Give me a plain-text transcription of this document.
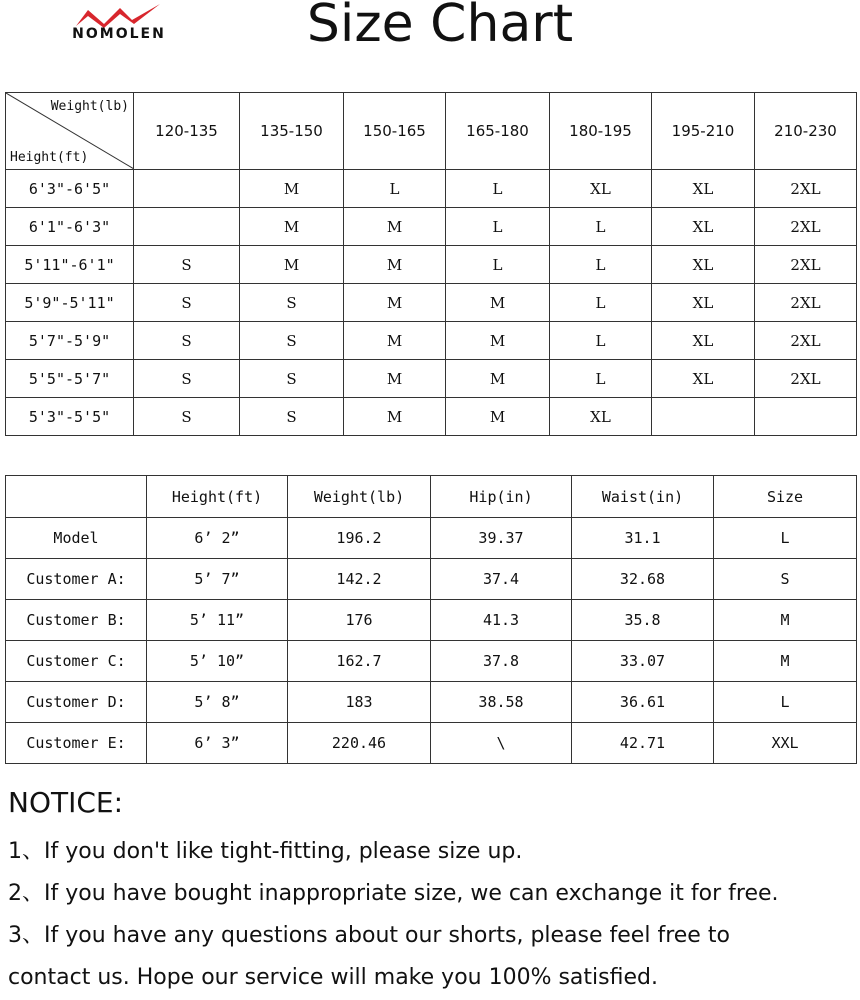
NOMOLEN	Size Chart
Weight(lb)
Height(ft)	120-135	135-150	150-165	165-180	180-195	195-210	210-230
6'3"-6'5"		M	L	L	XL	XL	2XL
6'1"-6'3"		M	M	L	L	XL	2XL
5'11"-6'1"	S	M	M	L	L	XL	2XL
5'9"-5'11"	S	S	M	M	L	XL	2XL
5'7"-5'9"	S	S	M	M	L	XL	2XL
5'5"-5'7"	S	S	M	M	L	XL	2XL
5'3"-5'5"	S	S	M	M	XL		
	Height(ft)	Weight(lb)	Hip(in)	Waist(in)	Size
Model	6’ 2”	196.2	39.37	31.1	L
Customer A:	5’ 7”	142.2	37.4	32.68	S
Customer B:	5’ 11”	176	41.3	35.8	M
Customer C:	5’ 10”	162.7	37.8	33.07	M
Customer D:	5’ 8”	183	38.58	36.61	L
Customer E:	6’ 3”	220.46	\	42.71	XXL
NOTICE:
1、If you don't like tight-fitting, please size up.
2、If you have bought inappropriate size, we can exchange it for free.
3、If you have any questions about our shorts, please feel free to
contact us. Hope our service will make you 100% satisfied.
